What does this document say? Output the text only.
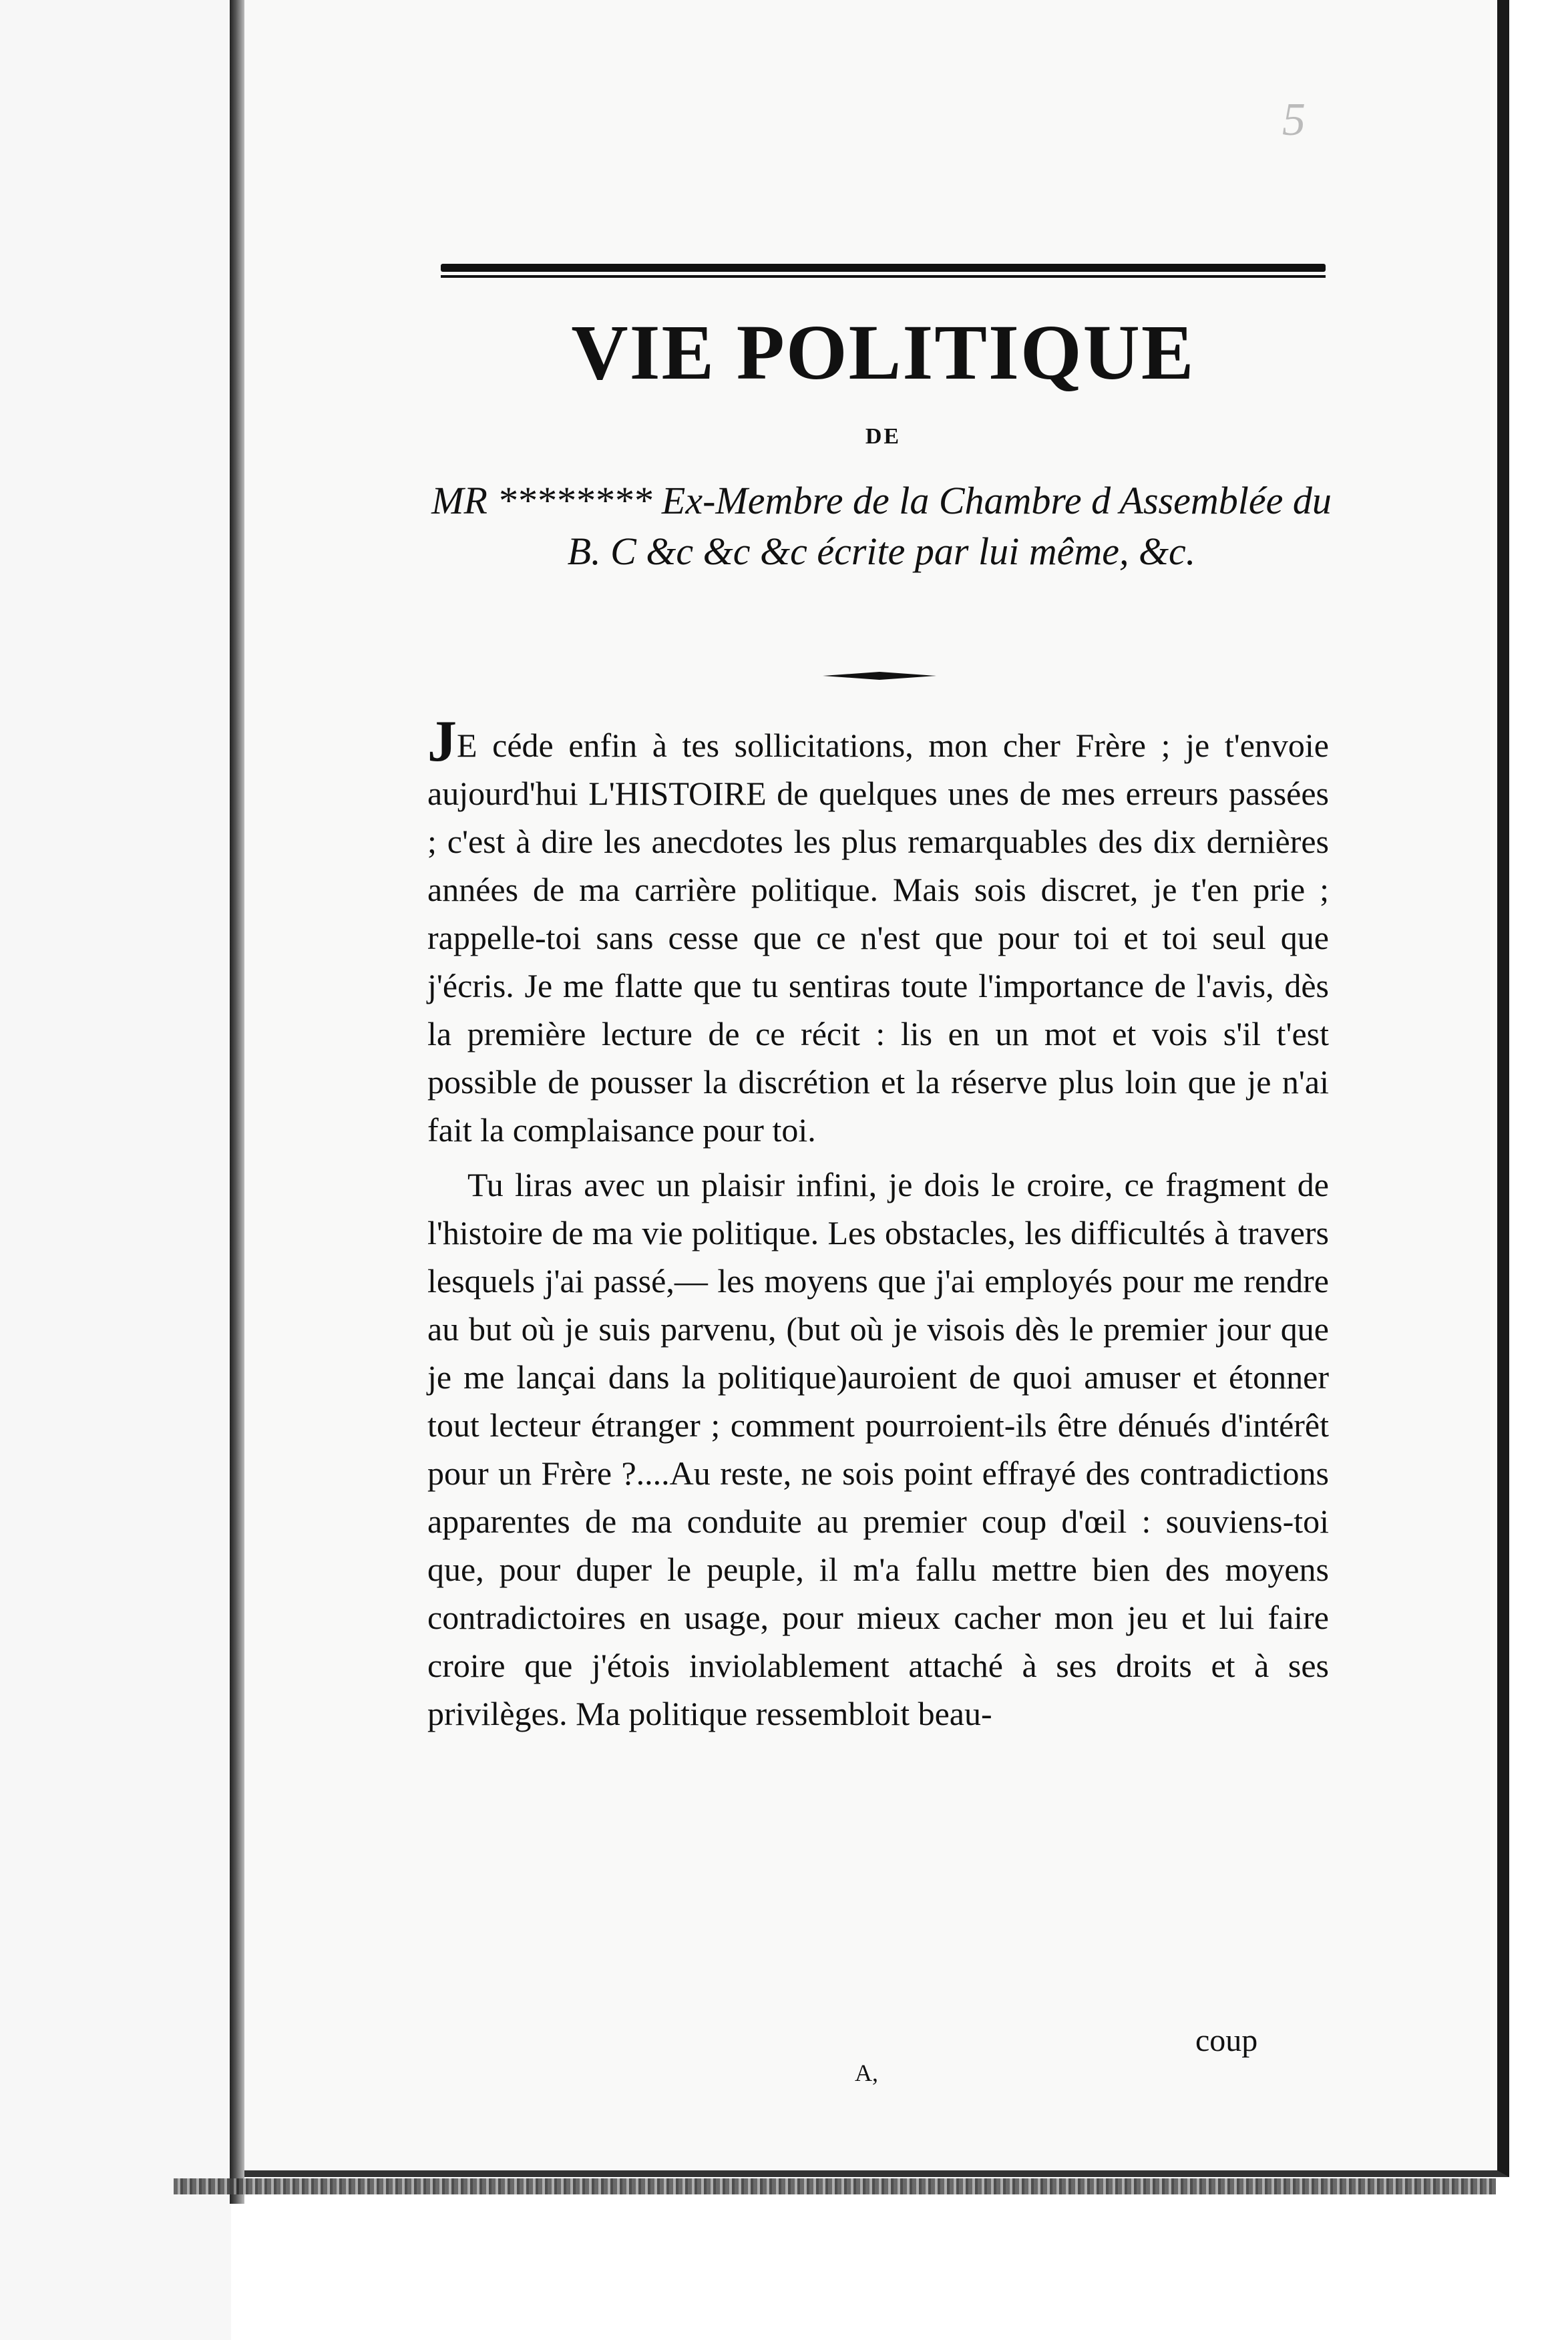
5
VIE POLITIQUE
DE
MR ******** Ex-Membre de la Chambre d Assemblée du B. C &c &c &c écrite par lui même, &c.

JE céde enfin à tes sollicitations, mon cher Frère ; je t'envoie aujourd'hui L'HISTOIRE de quelques unes de mes erreurs passées ; c'est à dire les anecdotes les plus remarquables des dix dernières années de ma carrière politique. Mais sois discret, je t'en prie ; rappelle-toi sans cesse que ce n'est que pour toi et toi seul que j'écris. Je me flatte que tu sentiras toute l'importance de l'avis, dès la première lecture de ce récit : lis en un mot et vois s'il t'est possible de pousser la discrétion et la réserve plus loin que je n'ai fait la complaisance pour toi.

Tu liras avec un plaisir infini, je dois le croire, ce fragment de l'histoire de ma vie politique. Les obstacles, les difficultés à travers lesquels j'ai passé,— les moyens que j'ai employés pour me rendre au but où je suis parvenu, (but où je visois dès le premier jour que je me lançai dans la politique)auroient de quoi amuser et étonner tout lecteur étranger ; comment pourroient-ils être dénués d'intérêt pour un Frère ?....Au reste, ne sois point effrayé des contradictions apparentes de ma conduite au premier coup d'œil : souviens-toi que, pour duper le peuple, il m'a fallu mettre bien des moyens contradictoires en usage, pour mieux cacher mon jeu et lui faire croire que j'étois inviolablement attaché à ses droits et à ses privilèges. Ma politique ressembloit beau-

coup
A,
